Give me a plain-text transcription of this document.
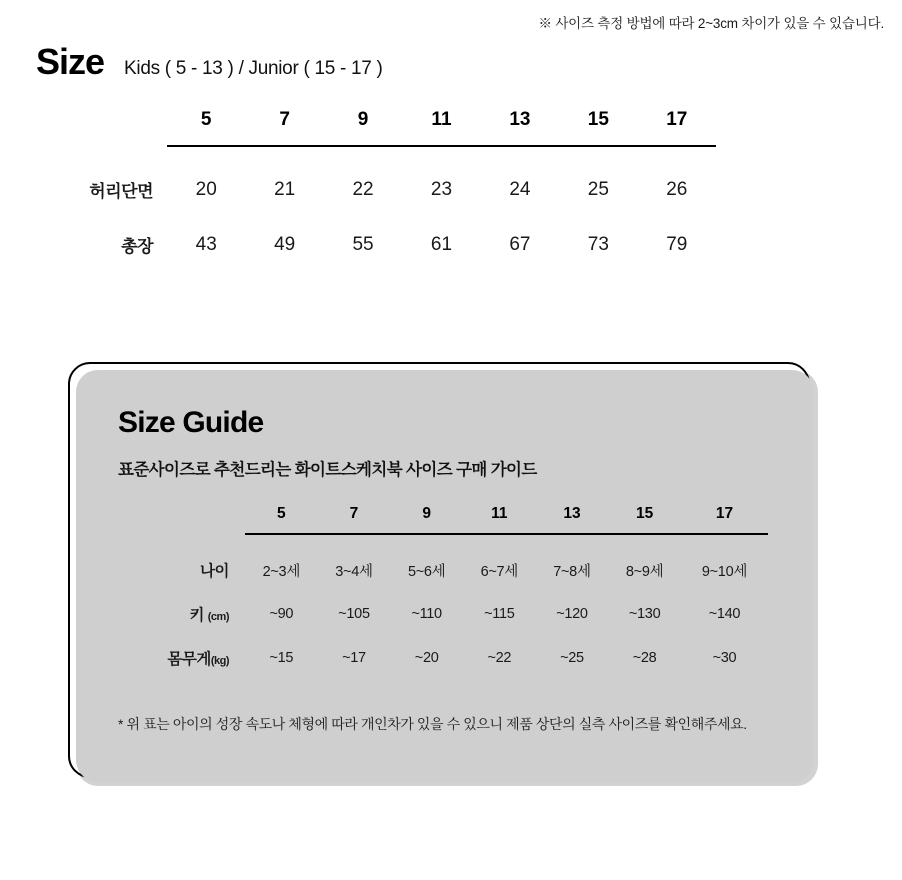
※ 사이즈 측정 방법에 따라 2~3cm 차이가 있을 수 있습니다.
Size Kids ( 5 - 13 ) / Junior ( 15 - 17 )
	5	7	9	11	13	15	17

허리단면	20	21	22	23	24	25	26
총장	43	49	55	61	67	73	79
Size Guide
표준사이즈로 추천드리는 화이트스케치북 사이즈 구매 가이드
	5	7	9	11	13	15	17

나이	2~3세	3~4세	5~6세	6~7세	7~8세	8~9세	9~10세
키 (cm)	~90	~105	~110	~115	~120	~130	~140
몸무게(kg)	~15	~17	~20	~22	~25	~28	~30
* 위 표는 아이의 성장 속도나 체형에 따라 개인차가 있을 수 있으니 제품 상단의 실측 사이즈를 확인해주세요.
